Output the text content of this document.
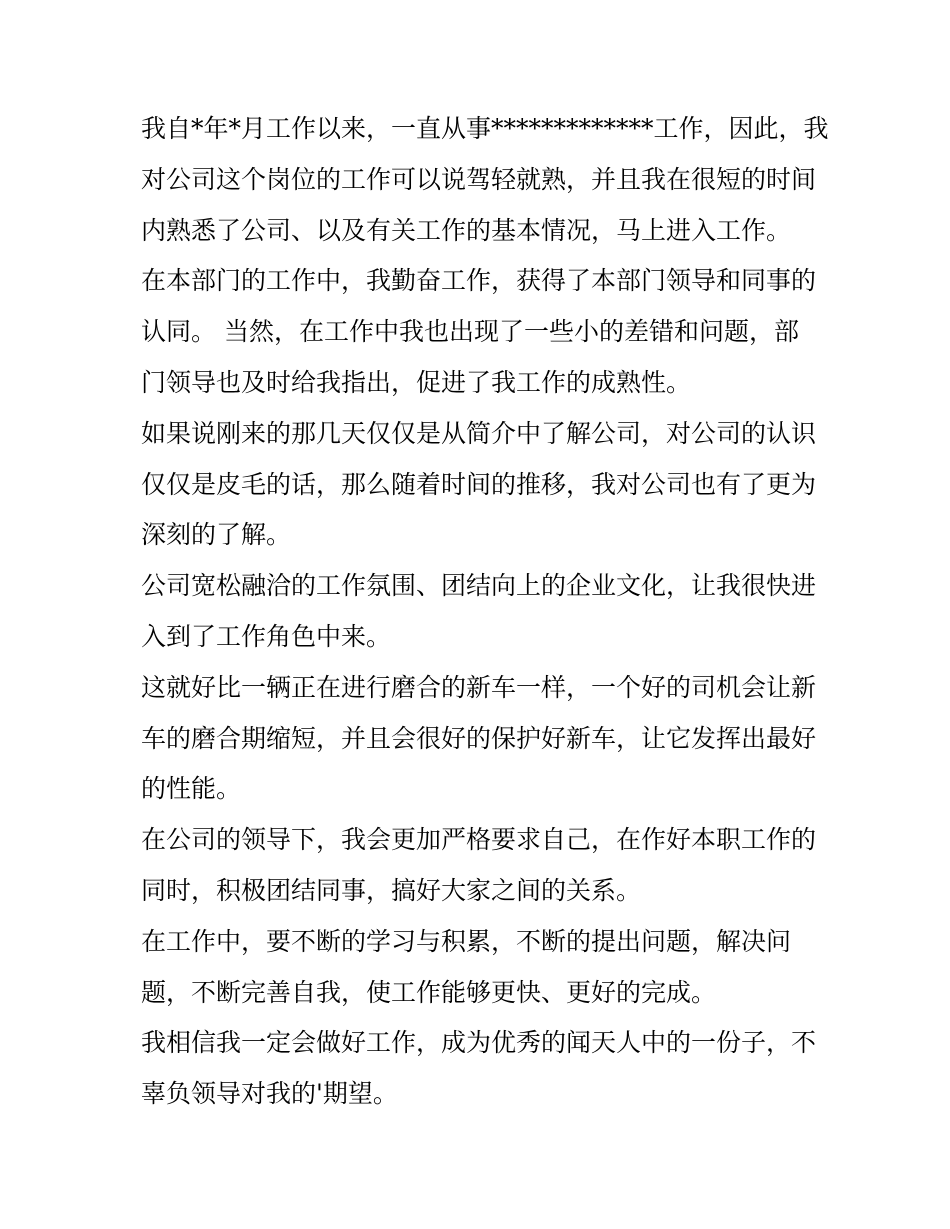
我自*年*月工作以来，一直从事*************工作，因此，我
对公司这个岗位的工作可以说驾轻就熟，并且我在很短的时间
内熟悉了公司、以及有关工作的基本情况，马上进入工作。
在本部门的工作中，我勤奋工作，获得了本部门领导和同事的
认同。 当然，在工作中我也出现了一些小的差错和问题，部
门领导也及时给我指出，促进了我工作的成熟性。
如果说刚来的那几天仅仅是从简介中了解公司，对公司的认识
仅仅是皮毛的话，那么随着时间的推移，我对公司也有了更为
深刻的了解。
公司宽松融洽的工作氛围、团结向上的企业文化，让我很快进
入到了工作角色中来。
这就好比一辆正在进行磨合的新车一样，一个好的司机会让新
车的磨合期缩短，并且会很好的保护好新车，让它发挥出最好
的性能。
在公司的领导下，我会更加严格要求自己，在作好本职工作的
同时，积极团结同事，搞好大家之间的关系。
在工作中，要不断的学习与积累，不断的提出问题，解决问
题，不断完善自我，使工作能够更快、更好的完成。
我相信我一定会做好工作，成为优秀的闻天人中的一份子，不
辜负领导对我的'期望。
